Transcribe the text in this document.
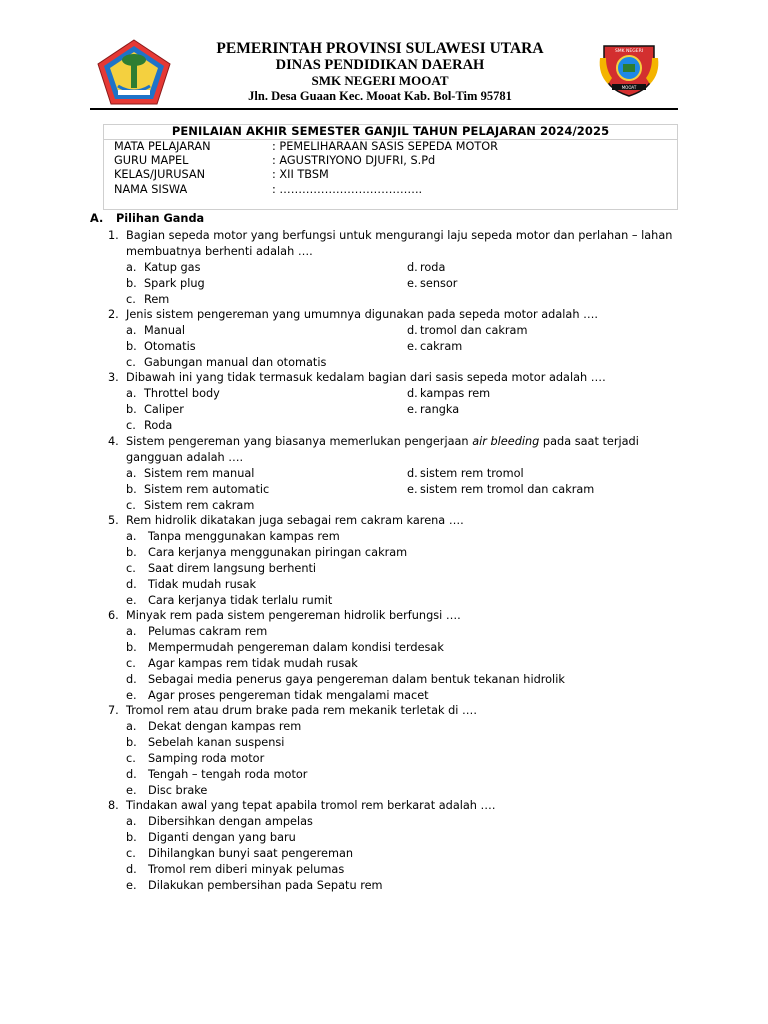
PEMERINTAH PROVINSI SULAWESI UTARA
DINAS PENDIDIKAN DAERAH
SMK NEGERI MOOAT
Jln. Desa Guaan Kec. Mooat Kab. Bol-Tim 95781
SMK NEGERI
MOOAT
PENILAIAN AKHIR SEMESTER GANJIL TAHUN PELAJARAN 2024/2025
MATA PELAJARAN	: PEMELIHARAAN SASIS SEPEDA MOTOR
GURU MAPEL	: AGUSTRIYONO DJUFRI, S.Pd
KELAS/JURUSAN	: XII TBSM
NAMA SISWA	: ………………………………..
A. Pilihan Ganda
1. Bagian sepeda motor yang berfungsi untuk mengurangi laju sepeda motor dan perlahan – lahan membuatnya berhenti adalah ….
a. Katup gas
b. Spark plug
c. Rem
d. roda
e. sensor
2. Jenis sistem pengereman yang umumnya digunakan pada sepeda motor adalah ….
a. Manual
b. Otomatis
c. Gabungan manual dan otomatis
d. tromol dan cakram
e. cakram
3. Dibawah ini yang tidak termasuk kedalam bagian dari sasis sepeda motor adalah ….
a. Throttel body
b. Caliper
c. Roda
d. kampas rem
e. rangka
4. Sistem pengereman yang biasanya memerlukan pengerjaan air bleeding pada saat terjadi gangguan adalah ….
a. Sistem rem manual
b. Sistem rem automatic
c. Sistem rem cakram
d. sistem rem tromol
e. sistem rem tromol dan cakram
5. Rem hidrolik dikatakan juga sebagai rem cakram karena ….
a. Tanpa menggunakan kampas rem
b. Cara kerjanya menggunakan piringan cakram
c. Saat direm langsung berhenti
d. Tidak mudah rusak
e. Cara kerjanya tidak terlalu rumit
6. Minyak rem pada sistem pengereman hidrolik berfungsi ….
a. Pelumas cakram rem
b. Mempermudah pengereman dalam kondisi terdesak
c. Agar kampas rem tidak mudah rusak
d. Sebagai media penerus gaya pengereman dalam bentuk tekanan hidrolik
e. Agar proses pengereman tidak mengalami macet
7. Tromol rem atau drum brake pada rem mekanik terletak di ….
a. Dekat dengan kampas rem
b. Sebelah kanan suspensi
c. Samping roda motor
d. Tengah – tengah roda motor
e. Disc brake
8. Tindakan awal yang tepat apabila tromol rem berkarat adalah ….
a. Dibersihkan dengan ampelas
b. Diganti dengan yang baru
c. Dihilangkan bunyi saat pengereman
d. Tromol rem diberi minyak pelumas
e. Dilakukan pembersihan pada Sepatu rem
